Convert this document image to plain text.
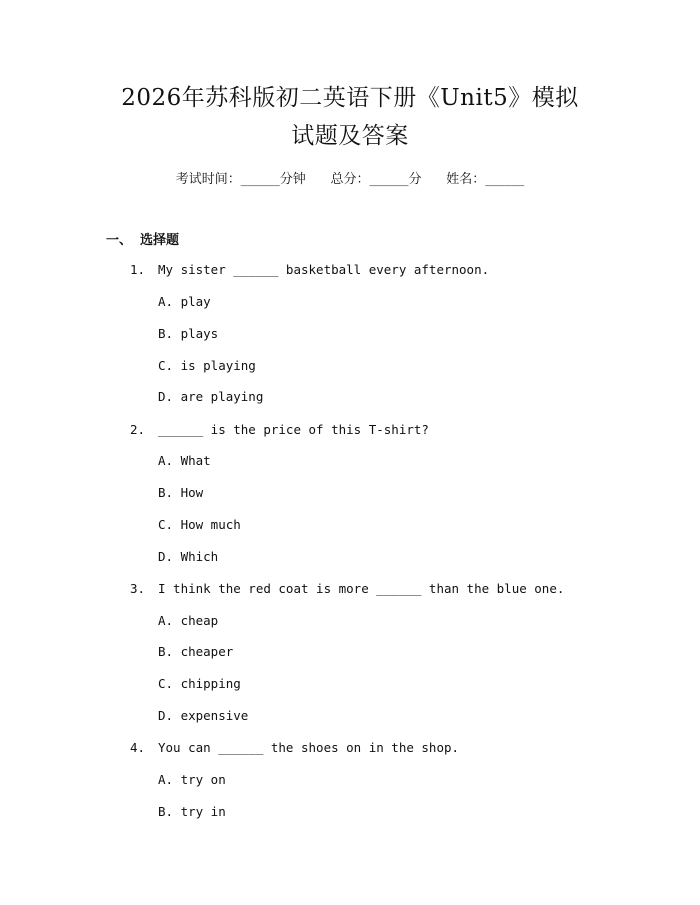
2026年苏科版初二英语下册《Unit5》模拟
试题及答案
考试时间：______分钟      总分：______分      姓名：______
一、 选择题
1. My sister ______ basketball every afternoon.
A. play
B. plays
C. is playing
D. are playing
2. ______ is the price of this T-shirt?
A. What
B. How
C. How much
D. Which
3. I think the red coat is more ______ than the blue one.
A. cheap
B. cheaper
C. chipping
D. expensive
4. You can ______ the shoes on in the shop.
A. try on
B. try in
